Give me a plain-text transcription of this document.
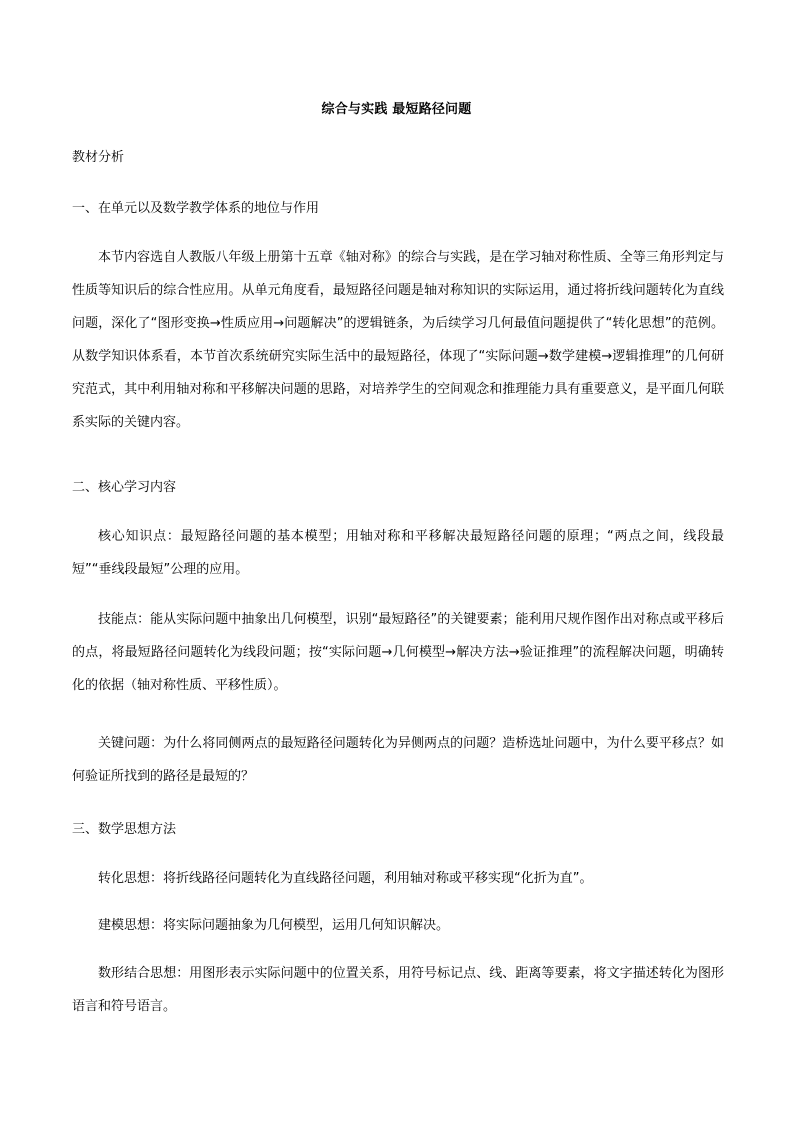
综合与实践 最短路径问题
教材分析
一、在单元以及数学教学体系的地位与作用

本节内容选自人教版八年级上册第十五章《轴对称》的综合与实践，是在学习轴对称性质、全等三角形判定与性质等知识后的综合性应用。从单元角度看，最短路径问题是轴对称知识的实际运用，通过将折线问题转化为直线问题，深化了“图形变换→性质应用→问题解决”的逻辑链条，为后续学习几何最值问题提供了“转化思想”的范例。从数学知识体系看，本节首次系统研究实际生活中的最短路径，体现了“实际问题→数学建模→逻辑推理”的几何研究范式，其中利用轴对称和平移解决问题的思路，对培养学生的空间观念和推理能力具有重要意义，是平面几何联系实际的关键内容。

二、核心学习内容

核心知识点：最短路径问题的基本模型；用轴对称和平移解决最短路径问题的原理；“两点之间，线段最短”“垂线段最短”公理的应用。

技能点：能从实际问题中抽象出几何模型，识别“最短路径”的关键要素；能利用尺规作图作出对称点或平移后的点，将最短路径问题转化为线段问题；按“实际问题→几何模型→解决方法→验证推理”的流程解决问题，明确转化的依据（轴对称性质、平移性质）。

关键问题：为什么将同侧两点的最短路径问题转化为异侧两点的问题？造桥选址问题中，为什么要平移点？如何验证所找到的路径是最短的？

三、数学思想方法

转化思想：将折线路径问题转化为直线路径问题，利用轴对称或平移实现“化折为直”。

建模思想：将实际问题抽象为几何模型，运用几何知识解决。

数形结合思想：用图形表示实际问题中的位置关系，用符号标记点、线、距离等要素，将文字描述转化为图形语言和符号语言。
